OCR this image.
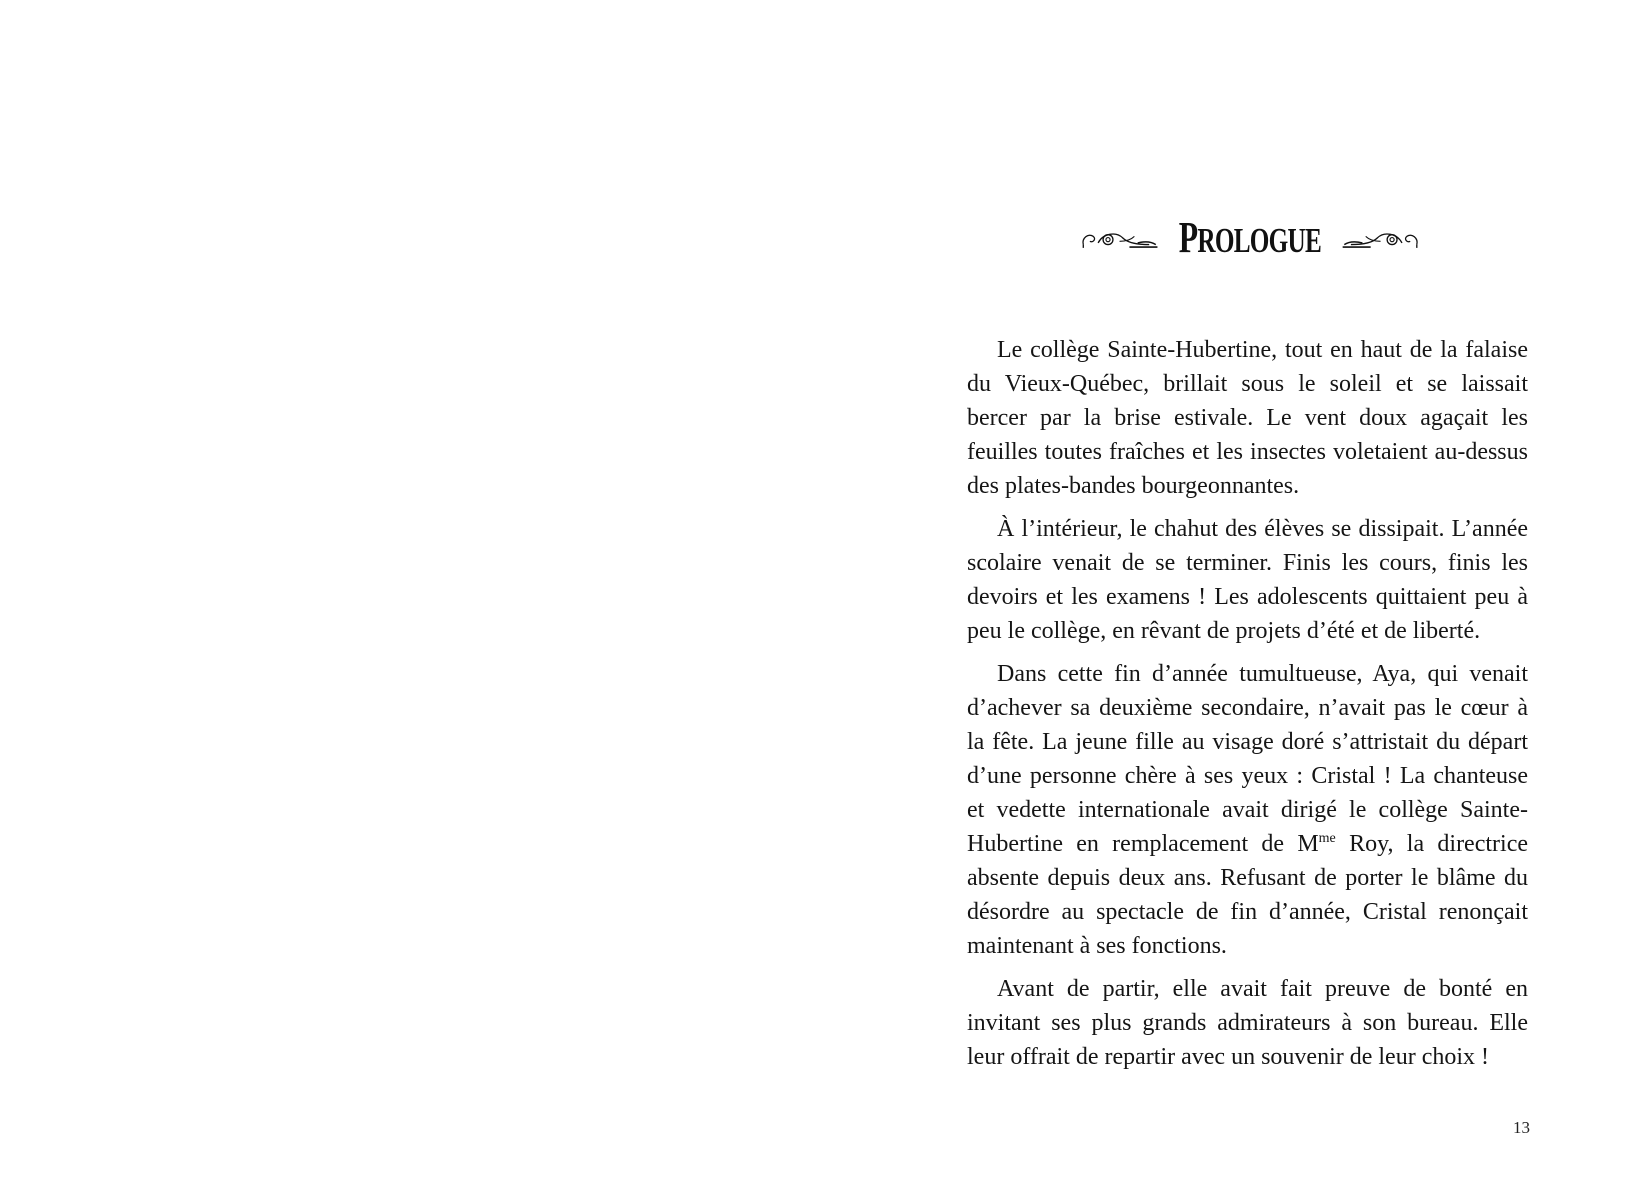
PROLOGUE

Le collège Sainte-Hubertine, tout en haut de la falaise du Vieux-Québec, brillait sous le soleil et se laissait bercer par la brise estivale. Le vent doux agaçait les feuilles toutes fraîches et les insectes voletaient au-dessus des plates-bandes bourgeonnantes.

À l’intérieur, le chahut des élèves se dissipait. L’année scolaire venait de se terminer. Finis les cours, finis les devoirs et les examens ! Les adolescents quittaient peu à peu le collège, en rêvant de projets d’été et de liberté.

Dans cette fin d’année tumultueuse, Aya, qui venait d’achever sa deuxième secondaire, n’avait pas le cœur à la fête. La jeune fille au visage doré s’attristait du départ d’une personne chère à ses yeux : Cristal ! La chanteuse et vedette internationale avait dirigé le collège Sainte-Hubertine en remplacement de $M^{me}$ Roy, la directrice absente depuis deux ans. Refusant de porter le blâme du désordre au spectacle de fin d’année, Cristal renonçait maintenant à ses fonctions.

Avant de partir, elle avait fait preuve de bonté en invitant ses plus grands admirateurs à son bureau. Elle leur offrait de repartir avec un souvenir de leur choix !

13
